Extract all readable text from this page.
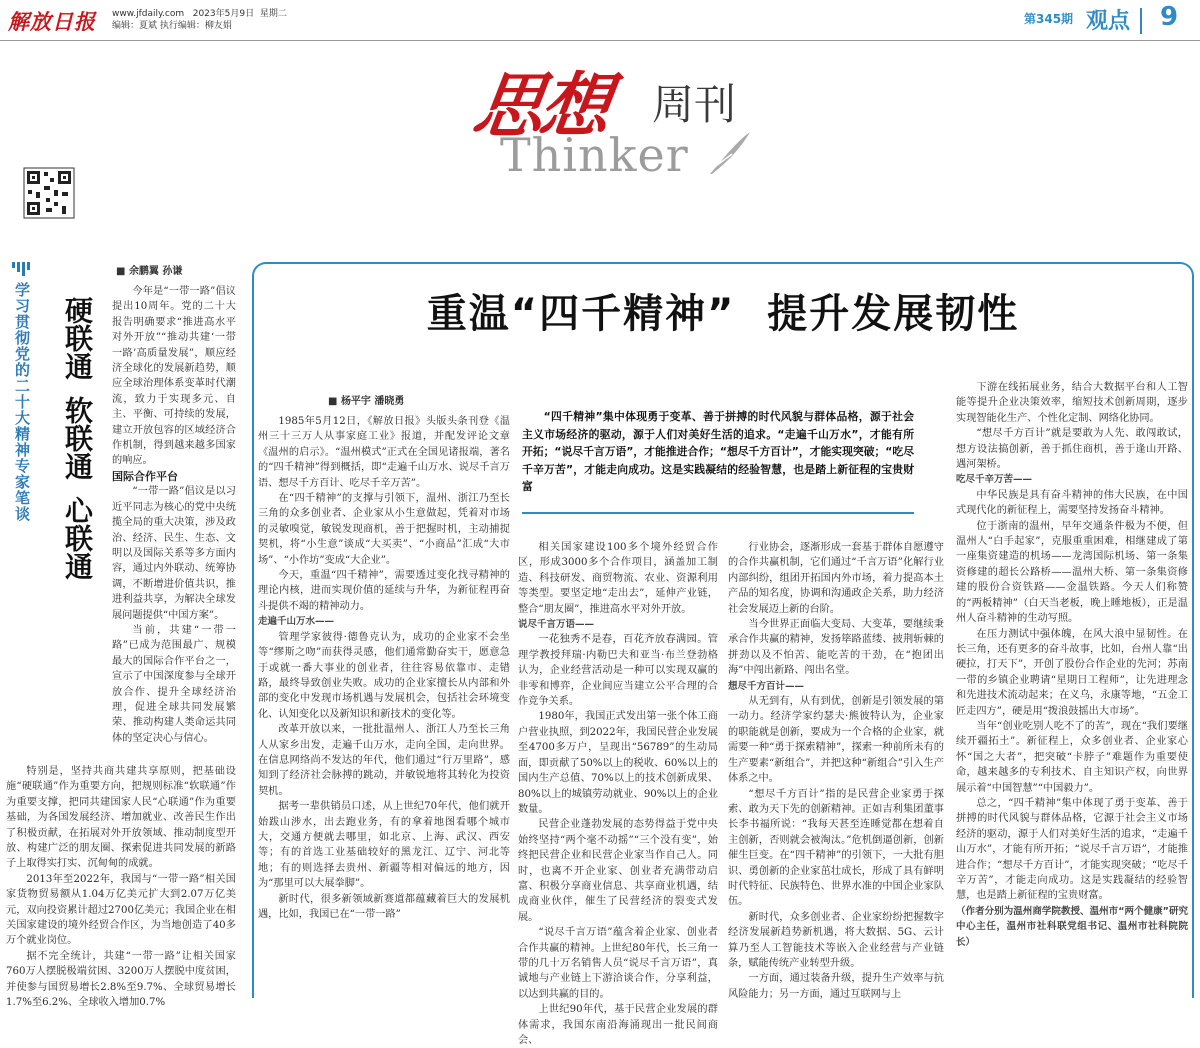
解放日报 www.jfdaily.com 2023年5月9日 星期二
编辑：夏斌 执行编辑：柳友娟	第345期 观点 9
思想 周刊
Thinker
学习贯彻党的二十大精神专家笔谈 硬联通软联通心联通
■ 余鹏翼 孙谦

今年是“一带一路”倡议提出10周年。党的二十大报告明确要求“推进高水平对外开放”“推动共建‘一带一路’高质量发展”，顺应经济全球化的发展新趋势，顺应全球治理体系变革时代潮流，致力于实现多元、自主、平衡、可持续的发展，建立开放包容的区域经济合作机制，得到越来越多国家的响应。

国际合作平台

“一带一路”倡议是以习近平同志为核心的党中央统揽全局的重大决策，涉及政治、经济、民生、生态、文明以及国际关系等多方面内容，通过内外联动、统筹协调，不断增进价值共识，推进利益共享，为解决全球发展问题提供“中国方案”。

当前，共建“一带一路”已成为范围最广、规模最大的国际合作平台之一，宣示了中国深度参与全球开放合作、提升全球经济治理，促进全球共同发展繁荣、推动构建人类命运共同体的坚定决心与信心。

特别是，坚持共商共建共享原则，把基础设施“硬联通”作为重要方向，把规则标准“软联通”作为重要支撑，把同共建国家人民“心联通”作为重要基础，为各国发展经济、增加就业、改善民生作出了积极贡献，在拓展对外开放领域、推动制度型开放、构建广泛的朋友圈、探索促进共同发展的新路子上取得实打实、沉甸甸的成就。

2013年至2022年，我国与“一带一路”相关国家货物贸易额从1.04万亿美元扩大到2.07万亿美元，双向投资累计超过2700亿美元；我国企业在相关国家建设的境外经贸合作区，为当地创造了40多万个就业岗位。

据不完全统计，共建“一带一路”让相关国家760万人摆脱极端贫困、3200万人摆脱中度贫困，并使参与国贸易增长2.8%至9.7%、全球贸易增长1.7%至6.2%、全球收入增加0.7%

重温“四千精神”  提升发展韧性
■ 杨平宇 潘晓勇
“四千精神”集中体现勇于变革、善于拼搏的时代风貌与群体品格，源于社会主义市场经济的驱动，源于人们对美好生活的追求。“走遍千山万水”，才能有所开拓；“说尽千言万语”，才能推进合作；“想尽千方百计”，才能实现突破；“吃尽千辛万苦”，才能走向成功。这是实践凝结的经验智慧，也是踏上新征程的宝贵财富

1985年5月12日，《解放日报》头版头条刊登《温州三十三万人从事家庭工业》报道，并配发评论文章《温州的启示》。“温州模式”正式在全国见诸报端，著名的“四千精神”得到概括，即“走遍千山万水、说尽千言万语、想尽千方百计、吃尽千辛万苦”。

在“四千精神”的支撑与引领下，温州、浙江乃至长三角的众多创业者、企业家从小生意做起，凭着对市场的灵敏嗅觉，敏锐发现商机，善于把握时机，主动捕捉契机，将“小生意”谈成“大买卖”、“小商品”汇成“大市场”、“小作坊”变成“大企业”。

今天，重温“四千精神”，需要透过变化找寻精神的理论内核，进而实现价值的延续与升华，为新征程再奋斗提供不竭的精神动力。

走遍千山万水——

管理学家彼得·德鲁克认为，成功的企业家不会坐等“缪斯之吻”而获得灵感，他们通常勤奋实干，愿意急于或就一番大事业的创业者，往往容易依靠市、走错路，最终导致创业失败。成功的企业家擅长从内部和外部的变化中发现市场机遇与发展机会，包括社会环境变化、认知变化以及新知识和新技术的变化等。

改革开放以来，一批批温州人、浙江人乃至长三角人从家乡出发，走遍千山万水，走向全国，走向世界。在信息网络尚不发达的年代，他们通过“行万里路”，感知到了经济社会脉搏的跳动，并敏锐地将其转化为投资契机。

据考一辈供销员口述，从上世纪70年代，他们就开始跋山涉水，出去跑业务，有的拿着地图看哪个城市大，交通方便就去哪里，如北京、上海、武汉、西安等；有的首选工业基础较好的黑龙江、辽宁、河北等地；有的则选择去贵州、新疆等相对偏远的地方，因为“那里可以大展拳脚”。

新时代，很多新领域新赛道都蕴藏着巨大的发展机遇，比如，我国已在“一带一路”

相关国家建设100多个境外经贸合作区，形成3000多个合作项目，涵盖加工制造、科技研发、商贸物流、农业、资源利用等类型。要坚定地“走出去”，延伸产业链，整合“朋友圈”，推进高水平对外开放。

说尽千言万语——

一花独秀不是春，百花齐放春满园。管理学教授拜瑞·内勒巴夫和亚当·布兰登勃格认为，企业经营活动是一种可以实现双赢的非零和博弈，企业间应当建立公平合理的合作竞争关系。

1980年，我国正式发出第一张个体工商户营业执照，到2022年，我国民营企业发展至4700多万户，呈现出“56789”的生动局面，即贡献了50%以上的税收、60%以上的国内生产总值、70%以上的技术创新成果、80%以上的城镇劳动就业、90%以上的企业数量。

民营企业蓬勃发展的态势得益于党中央始终坚持“两个毫不动摇”“三个没有变”，始终把民营企业和民营企业家当作自己人。同时，也离不开企业家、创业者充满带动启富、积极分享商业信息、共享商业机遇，结成商业伙伴，催生了民营经济的裂变式发展。

“说尽千言万语”蕴含着企业家、创业者合作共赢的精神。上世纪80年代，长三角一带的几十万名销售人员“说尽千言万语”，真诚地与产业链上下游洽谈合作，分享利益，以达到共赢的目的。

上世纪90年代，基于民营企业发展的群体需求，我国东南沿海涌现出一批民间商会、

行业协会，逐渐形成一套基于群体自愿遵守的合作共赢机制，它们通过“千言万语”化解行业内部纠纷，组团开拓国内外市场，着力提高本土产品的知名度，协调和沟通政企关系，助力经济社会发展迈上新的台阶。

当今世界正面临大变局、大变革，要继续秉承合作共赢的精神，发扬筚路蓝缕、披荆斩棘的拼劲以及不怕苦、能吃苦的干劲，在“抱团出海”中闯出新路、闯出名堂。

想尽千方百计——

从无到有，从有到优，创新是引领发展的第一动力。经济学家约瑟夫·熊彼特认为，企业家的职能就是创新，要成为一个合格的企业家，就需要一种“勇于探索精神”，探索一种前所未有的生产要素“新组合”，并把这种“新组合”引入生产体系之中。

“想尽千方百计”指的是民营企业家勇于探索、敢为天下先的创新精神。正如吉利集团董事长李书福所说：“我每天甚至连睡觉都在想着自主创新，否则就会被淘汰。”危机倒逼创新，创新催生巨变。在“四千精神”的引领下，一大批有胆识、勇创新的企业家茁壮成长，形成了具有鲜明时代特征、民族特色、世界水准的中国企业家队伍。

新时代，众多创业者、企业家纷纷把握数字经济发展新趋势新机遇，将大数据、5G、云计算乃至人工智能技术等嵌入企业经营与产业链条，赋能传统产业转型升级。

一方面，通过装备升级，提升生产效率与抗风险能力；另一方面，通过互联网与上

下游在线拓展业务，结合大数据平台和人工智能等提升企业决策效率，缩短技术创新周期，逐步实现智能化生产、个性化定制、网络化协同。

“想尽千方百计”就是要敢为人先、敢闯敢试，想方设法搞创新，善于抓住商机，善于逢山开路、遇河架桥。

吃尽千辛万苦——

中华民族是具有奋斗精神的伟大民族，在中国式现代化的新征程上，需要坚持发扬奋斗精神。

位于浙南的温州，早年交通条件极为不便，但温州人“白手起家”，克服重重困难，相继建成了第一座集资建造的机场——龙湾国际机场、第一条集资修建的超长公路桥——温州大桥、第一条集资修建的股份合资铁路——金温铁路。今天人们称赞的“两板精神”（白天当老板，晚上睡地板），正是温州人奋斗精神的生动写照。

在压力测试中强体魄，在风大浪中显韧性。在长三角，还有更多的奋斗故事，比如，台州人靠“出硬拉，打天下”，开创了股份合作企业的先河；苏南一带的乡镇企业聘请“星期日工程师”，让先进理念和先进技术流动起来；在义乌，永康等地，“五金工匠走四方”，硬是用“拨浪鼓摇出大市场”。

当年“创业吃别人吃不了的苦”，现在“我们要继续开疆拓土”。新征程上，众多创业者、企业家心怀“国之大者”，把突破“卡脖子”难题作为重要使命，越来越多的专利技术、自主知识产权，向世界展示着“中国智慧”“中国毅力”。

总之，“四千精神”集中体现了勇于变革、善于拼搏的时代风貌与群体品格，它源于社会主义市场经济的驱动，源于人们对美好生活的追求，“走遍千山万水”，才能有所开拓；“说尽千言万语”，才能推进合作；“想尽千方百计”，才能实现突破；“吃尽千辛万苦”，才能走向成功。这是实践凝结的经验智慧，也是踏上新征程的宝贵财富。

（作者分别为温州商学院教授、温州市“两个健康”研究中心主任，温州市社科联党组书记、温州市社科院院长）
